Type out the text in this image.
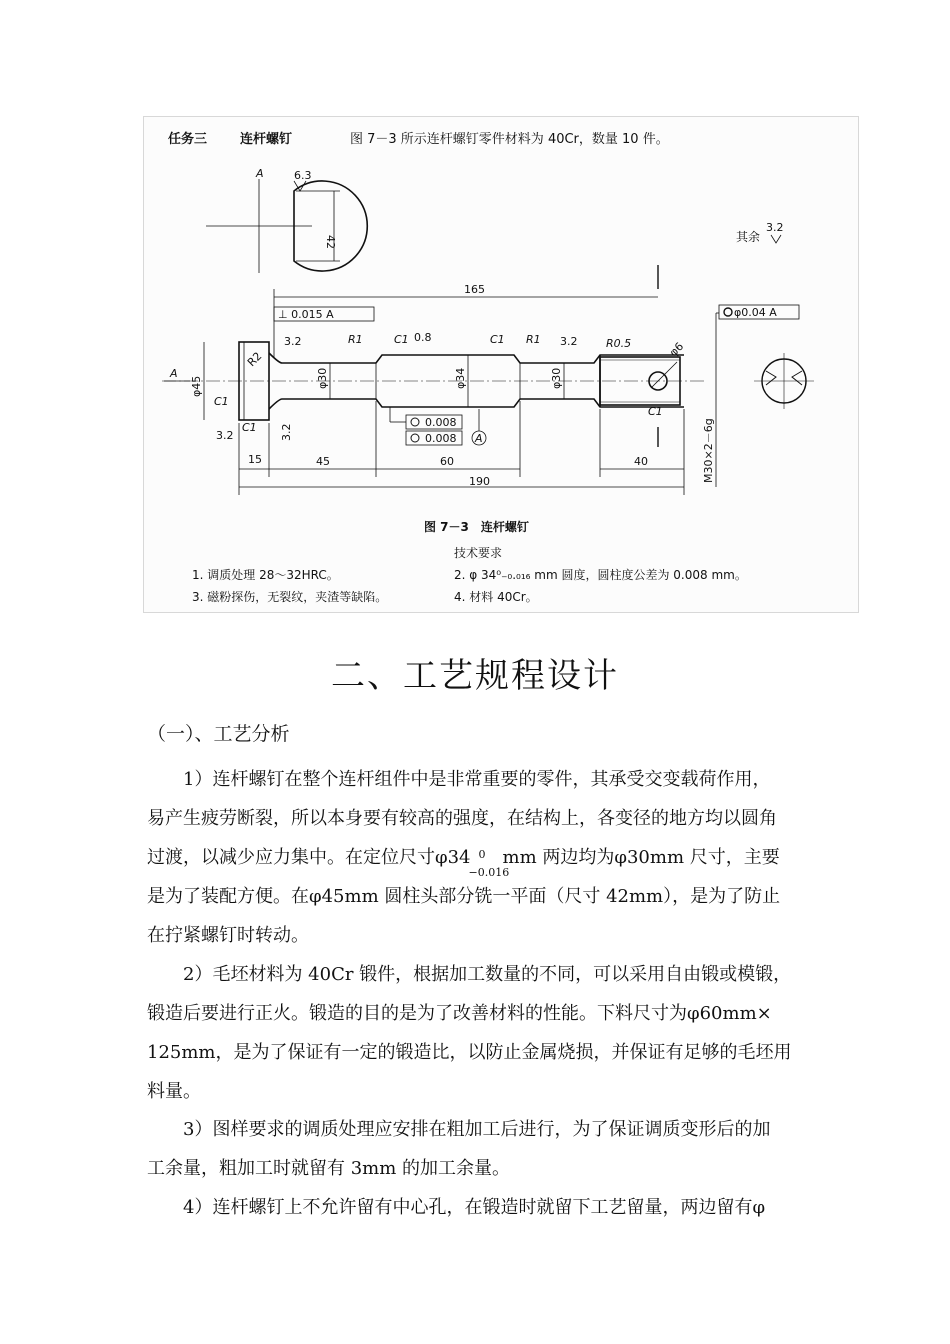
任务三	连杆螺钉	图 7－3 所示连杆螺钉零件材料为 40Cr，数量 10 件。
A	6.3
42	其余
3.2
165
190
15	45	60	40
φ45	φ30	φ34	φ30
M30×2－6g
A
R2
R1	R1	R0.5
C1	C1
C1
C1
C1
3.2	3.2
3.2	3.2
0.8
φ6
A
⊥ 0.015 A
0.008
0.008
φ0.04 A
图 7－3　连杆螺钉
技术要求
1. 调质处理 28～32HRC。	2. φ 34⁰₋₀.₀₁₆ mm 圆度，圆柱度公差为 0.008 mm。
3. 磁粉探伤，无裂纹，夹渣等缺陷。	4. 材料 40Cr。
二、工艺规程设计
（一）、工艺分析
1）连杆螺钉在整个连杆组件中是非常重要的零件，其承受交变载荷作用，
易产生疲劳断裂，所以本身要有较高的强度，在结构上，各变径的地方均以圆角
过渡，以减少应力集中。在定位尺寸φ34 0
−0.016
mm 两边均为φ30mm 尺寸，主要
是为了装配方便。在φ45mm 圆柱头部分铣一平面（尺寸 42mm），是为了防止
在拧紧螺钉时转动。
2）毛坯材料为 40Cr 锻件，根据加工数量的不同，可以采用自由锻或模锻，
锻造后要进行正火。锻造的目的是为了改善材料的性能。下料尺寸为φ60mm×
125mm，是为了保证有一定的锻造比，以防止金属烧损，并保证有足够的毛坯用
料量。
3）图样要求的调质处理应安排在粗加工后进行，为了保证调质变形后的加
工余量，粗加工时就留有 3mm 的加工余量。
4）连杆螺钉上不允许留有中心孔，在锻造时就留下工艺留量，两边留有φ
